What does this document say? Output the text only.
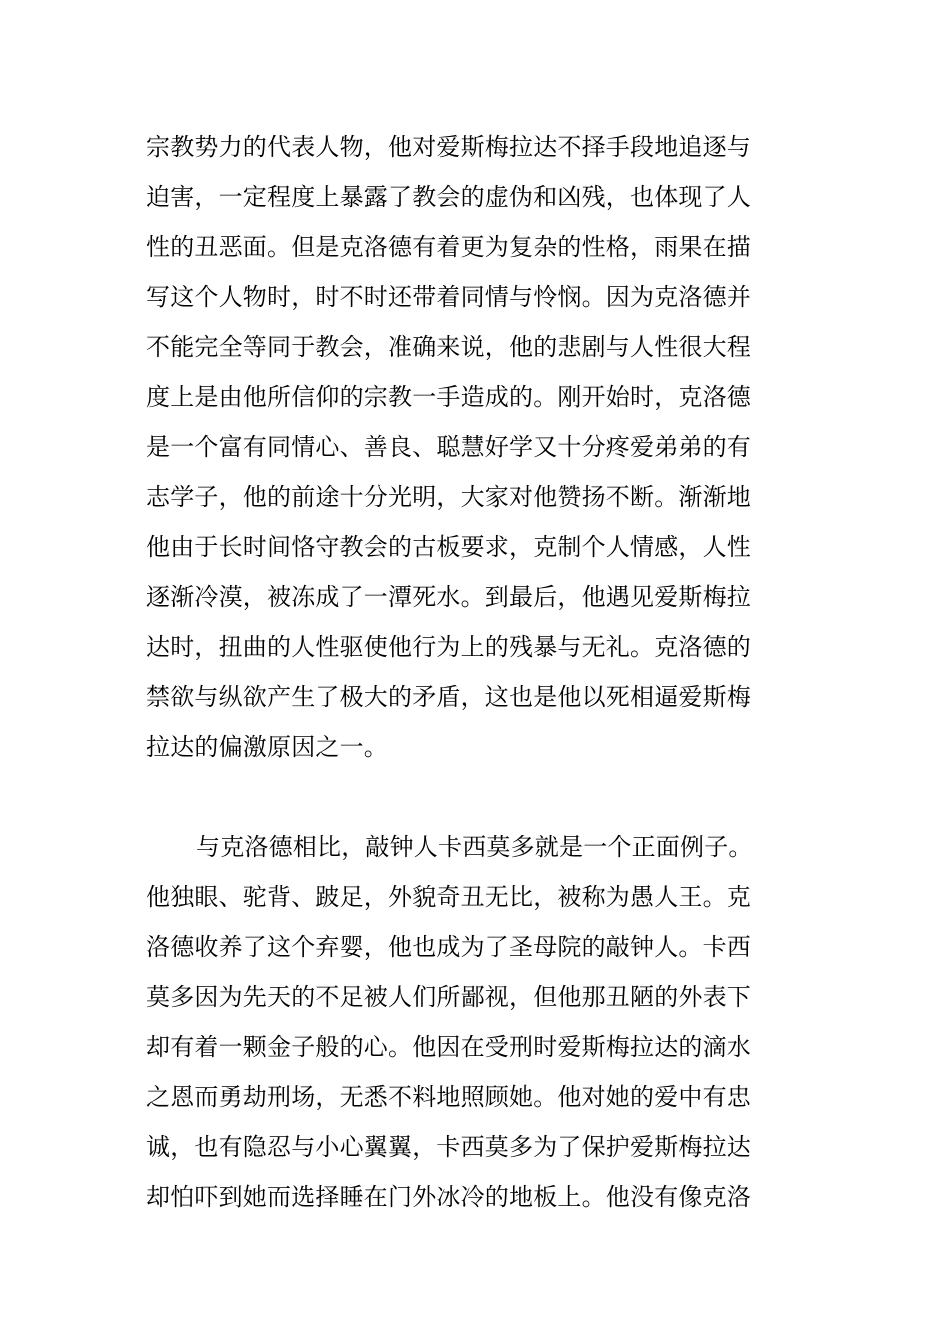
宗教势力的代表人物，他对爱斯梅拉达不择手段地追逐与
迫害，一定程度上暴露了教会的虚伪和凶残，也体现了人
性的丑恶面。但是克洛德有着更为复杂的性格，雨果在描
写这个人物时，时不时还带着同情与怜悯。因为克洛德并
不能完全等同于教会，准确来说，他的悲剧与人性很大程
度上是由他所信仰的宗教一手造成的。刚开始时，克洛德
是一个富有同情心、善良、聪慧好学又十分疼爱弟弟的有
志学子，他的前途十分光明，大家对他赞扬不断。渐渐地
他由于长时间恪守教会的古板要求，克制个人情感，人性
逐渐冷漠，被冻成了一潭死水。到最后，他遇见爱斯梅拉
达时，扭曲的人性驱使他行为上的残暴与无礼。克洛德的
禁欲与纵欲产生了极大的矛盾，这也是他以死相逼爱斯梅
拉达的偏激原因之一。
与克洛德相比，敲钟人卡西莫多就是一个正面例子。
他独眼、驼背、跛足，外貌奇丑无比，被称为愚人王。克
洛德收养了这个弃婴，他也成为了圣母院的敲钟人。卡西
莫多因为先天的不足被人们所鄙视，但他那丑陋的外表下
却有着一颗金子般的心。他因在受刑时爱斯梅拉达的滴水
之恩而勇劫刑场，无悉不料地照顾她。他对她的爱中有忠
诚，也有隐忍与小心翼翼，卡西莫多为了保护爱斯梅拉达
却怕吓到她而选择睡在门外冰冷的地板上。他没有像克洛
